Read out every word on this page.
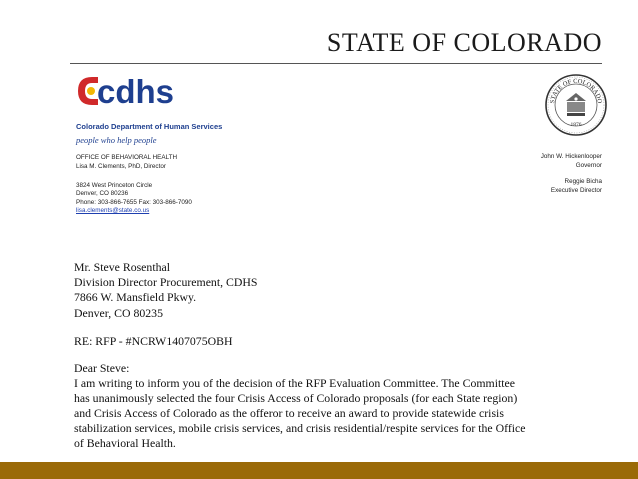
STATE OF COLORADO
cdhs
Colorado Department of Human Services
people who help people
OFFICE OF BEHAVIORAL HEALTH
Lisa M. Clements, PhD, Director
3824 West Princeton Circle
Denver, CO 80236
Phone: 303-866-7655 Fax: 303-866-7090
lisa.clements@state.co.us
STATE OF COLORADO
1876
John W. Hickenlooper
Governor
Reggie Bicha
Executive Director
Mr. Steve Rosenthal
Division Director Procurement, CDHS
7866 W. Mansfield Pkwy.
Denver, CO 80235
RE: RFP - #NCRW1407075OBH
Dear Steve:
I am writing to inform you of the decision of the RFP Evaluation Committee. The Committee
has unanimously selected the four Crisis Access of Colorado proposals (for each State region)
and Crisis Access of Colorado as the offeror to receive an award to provide statewide crisis
stabilization services, mobile crisis services, and crisis residential/respite services for the Office
of Behavioral Health.
